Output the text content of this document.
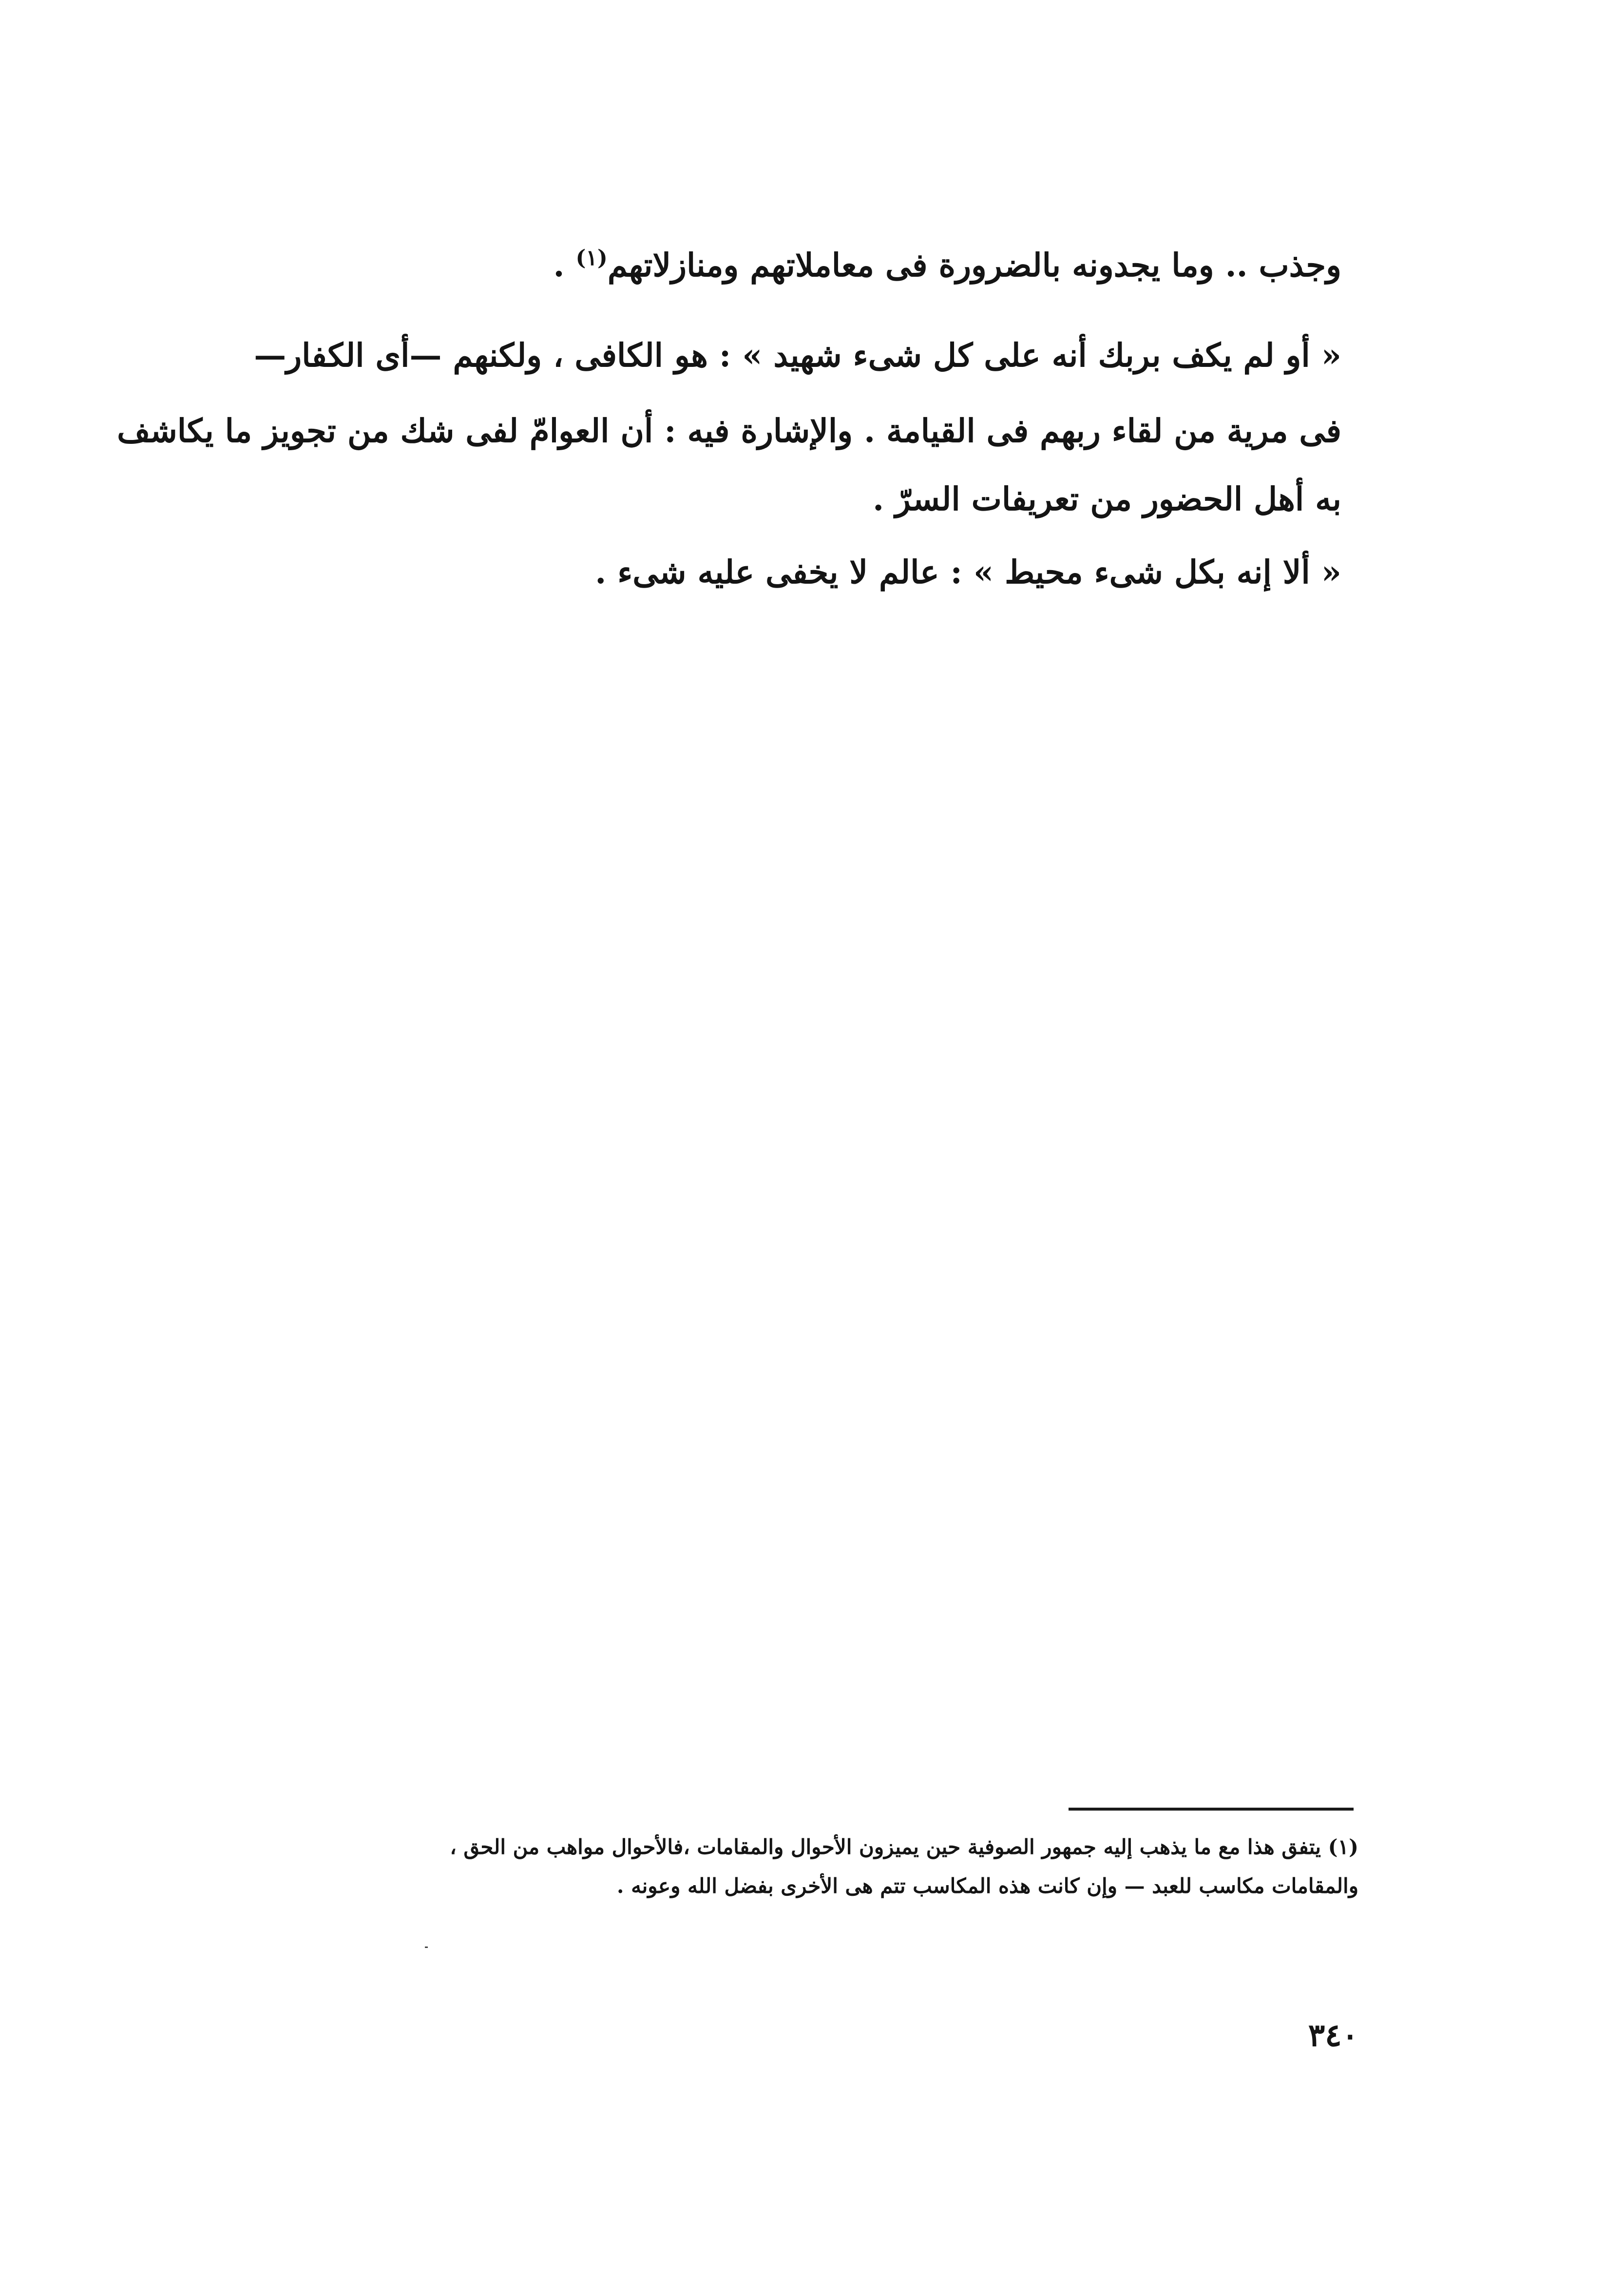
وجذب .. وما يجدونه بالضرورة فى معاملاتهم ومنازلاتهم$^{(١)}$ .
« أو لم يكف بربك أنه على كل شىء شهيد » : هو الكافى ، ولكنهم —أى الكفار—
فى مرية من لقاء ربهم فى القيامة . والإشارة فيه : أن العوامّ لفى شك من تجويز ما يكاشف
به أهل الحضور من تعريفات السرّ .
« ألا إنه بكل شىء محيط » : عالم لا يخفى عليه شىء .
(١) يتفق هذا مع ما يذهب إليه جمهور الصوفية حين يميزون الأحوال والمقامات ،فالأحوال مواهب من الحق ،
والمقامات مكاسب للعبد — وإن كانت هذه المكاسب تتم هى الأخرى بفضل الله وعونه .
٣٤٠
